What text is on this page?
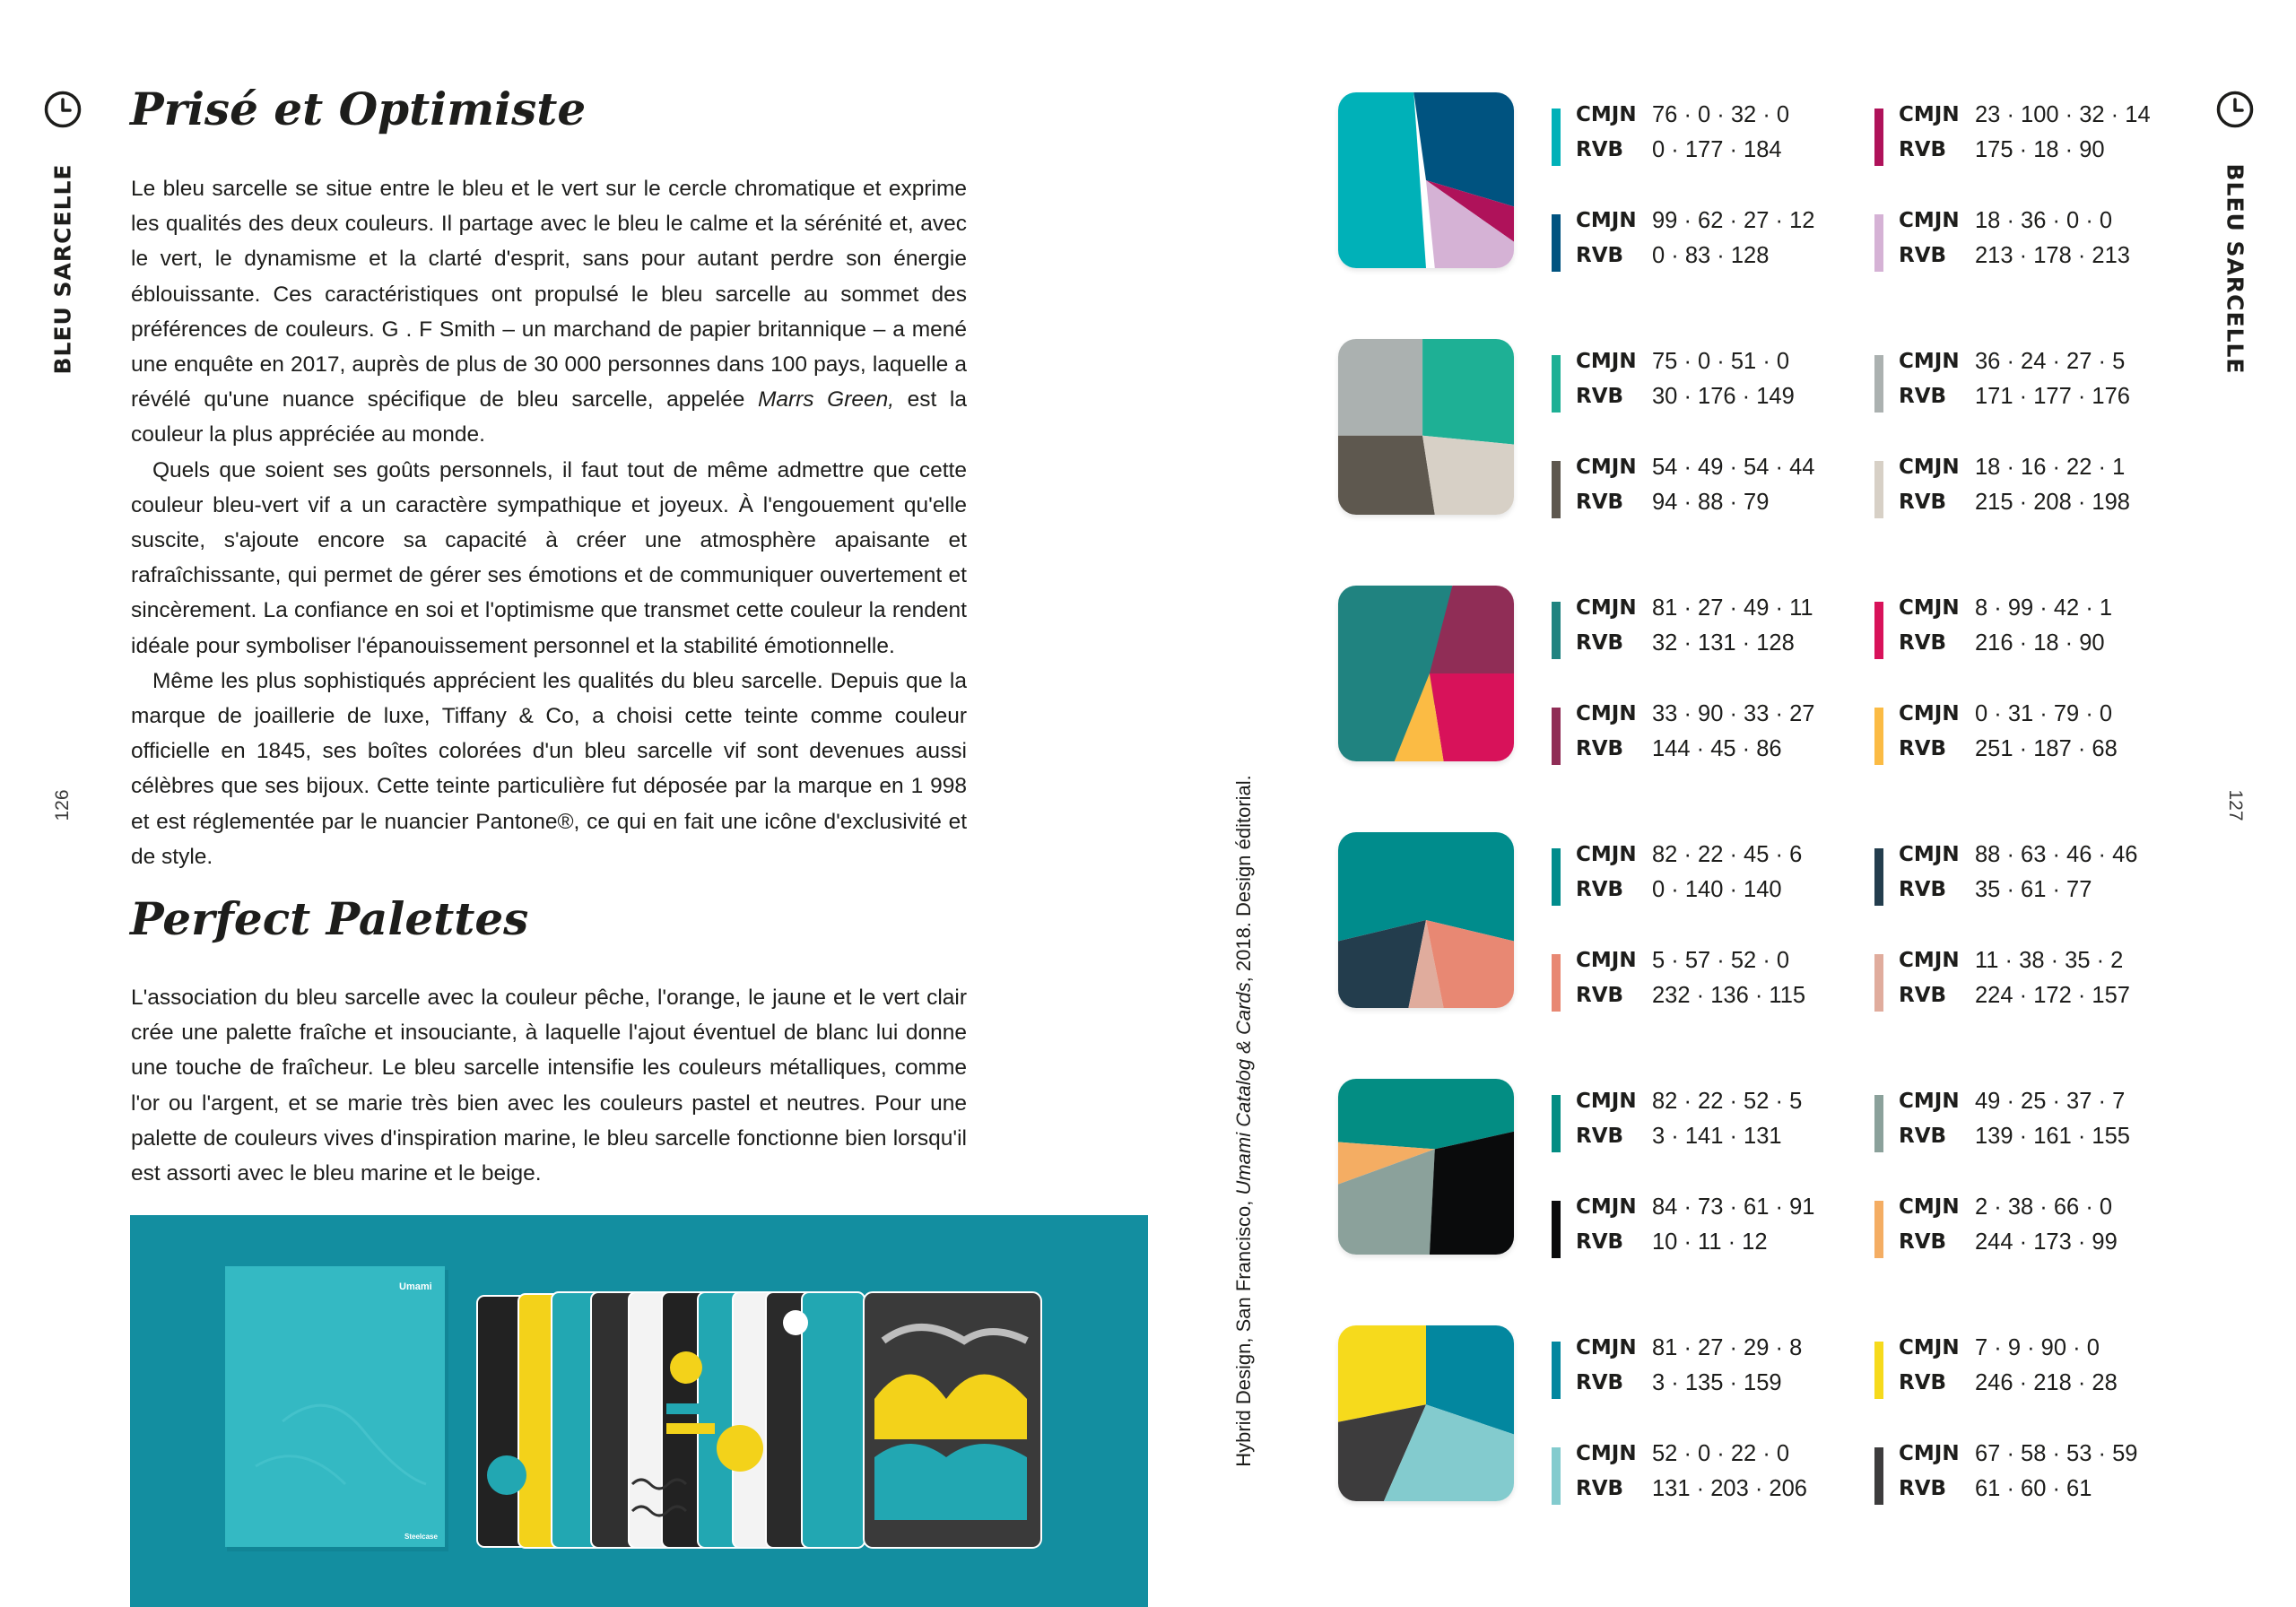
BLEU SARCELLE
126
Prisé et Optimiste

Le bleu sarcelle se situe entre le bleu et le vert sur le cercle chromatique et exprime les qualités des deux couleurs. Il partage avec le bleu le calme et la sérénité et, avec le vert, le dynamisme et la clarté d'esprit, sans pour autant perdre son énergie éblouissante. Ces caractéristiques ont propulsé le bleu sarcelle au sommet des préférences de couleurs. G . F Smith – un marchand de papier britannique – a mené une enquête en 2017, auprès de plus de 30 000 personnes dans 100 pays, laquelle a révélé qu'une nuance spécifique de bleu sarcelle, appelée Marrs Green, est la couleur la plus appréciée au monde.

Quels que soient ses goûts personnels, il faut tout de même admettre que cette couleur bleu-vert vif a un caractère sympathique et joyeux. À l'engouement qu'elle suscite, s'ajoute encore sa capacité à créer une atmosphère apaisante et rafraîchissante, qui permet de gérer ses émotions et de communiquer ouvertement et sincèrement. La confiance en soi et l'optimisme que transmet cette couleur la rendent idéale pour symboliser l'épanouissement personnel et la stabilité émotionnelle.

Même les plus sophistiqués apprécient les qualités du bleu sarcelle. Depuis que la marque de joaillerie de luxe, Tiffany & Co, a choisi cette teinte comme couleur officielle en 1845, ses boîtes colorées d'un bleu sarcelle vif sont devenues aussi célèbres que ses bijoux. Cette teinte particulière fut déposée par la marque en 1 998 et est réglementée par le nuancier Pantone®, ce qui en fait une icône d'exclusivité et de style.

Perfect Palettes

L'association du bleu sarcelle avec la couleur pêche, l'orange, le jaune et le vert clair crée une palette fraîche et insouciante, à laquelle l'ajout éventuel de blanc lui donne une touche de fraîcheur. Le bleu sarcelle intensifie les couleurs métalliques, comme l'or ou l'argent, et se marie très bien avec les couleurs pastel et neutres. Pour une palette de couleurs vives d'inspiration marine, le bleu sarcelle fonctionne bien lorsqu'il est assorti avec le bleu marine et le beige.

Umami
Steelcase
Hybrid Design, San Francisco, Umami Catalog & Cards, 2018. Design éditorial.
BLEU SARCELLE
127
CMJN 76 · 0 · 32 · 0
RVB 0 · 177 · 184
CMJN 99 · 62 · 27 · 12
RVB 0 · 83 · 128
CMJN 23 · 100 · 32 · 14
RVB 175 · 18 · 90
CMJN 18 · 36 · 0 · 0
RVB 213 · 178 · 213
CMJN 75 · 0 · 51 · 0
RVB 30 · 176 · 149
CMJN 54 · 49 · 54 · 44
RVB 94 · 88 · 79
CMJN 36 · 24 · 27 · 5
RVB 171 · 177 · 176
CMJN 18 · 16 · 22 · 1
RVB 215 · 208 · 198
CMJN 81 · 27 · 49 · 11
RVB 32 · 131 · 128
CMJN 33 · 90 · 33 · 27
RVB 144 · 45 · 86
CMJN 8 · 99 · 42 · 1
RVB 216 · 18 · 90
CMJN 0 · 31 · 79 · 0
RVB 251 · 187 · 68
CMJN 82 · 22 · 45 · 6
RVB 0 · 140 · 140
CMJN 5 · 57 · 52 · 0
RVB 232 · 136 · 115
CMJN 88 · 63 · 46 · 46
RVB 35 · 61 · 77
CMJN 11 · 38 · 35 · 2
RVB 224 · 172 · 157
CMJN 82 · 22 · 52 · 5
RVB 3 · 141 · 131
CMJN 84 · 73 · 61 · 91
RVB 10 · 11 · 12
CMJN 49 · 25 · 37 · 7
RVB 139 · 161 · 155
CMJN 2 · 38 · 66 · 0
RVB 244 · 173 · 99
CMJN 81 · 27 · 29 · 8
RVB 3 · 135 · 159
CMJN 52 · 0 · 22 · 0
RVB 131 · 203 · 206
CMJN 7 · 9 · 90 · 0
RVB 246 · 218 · 28
CMJN 67 · 58 · 53 · 59
RVB 61 · 60 · 61
